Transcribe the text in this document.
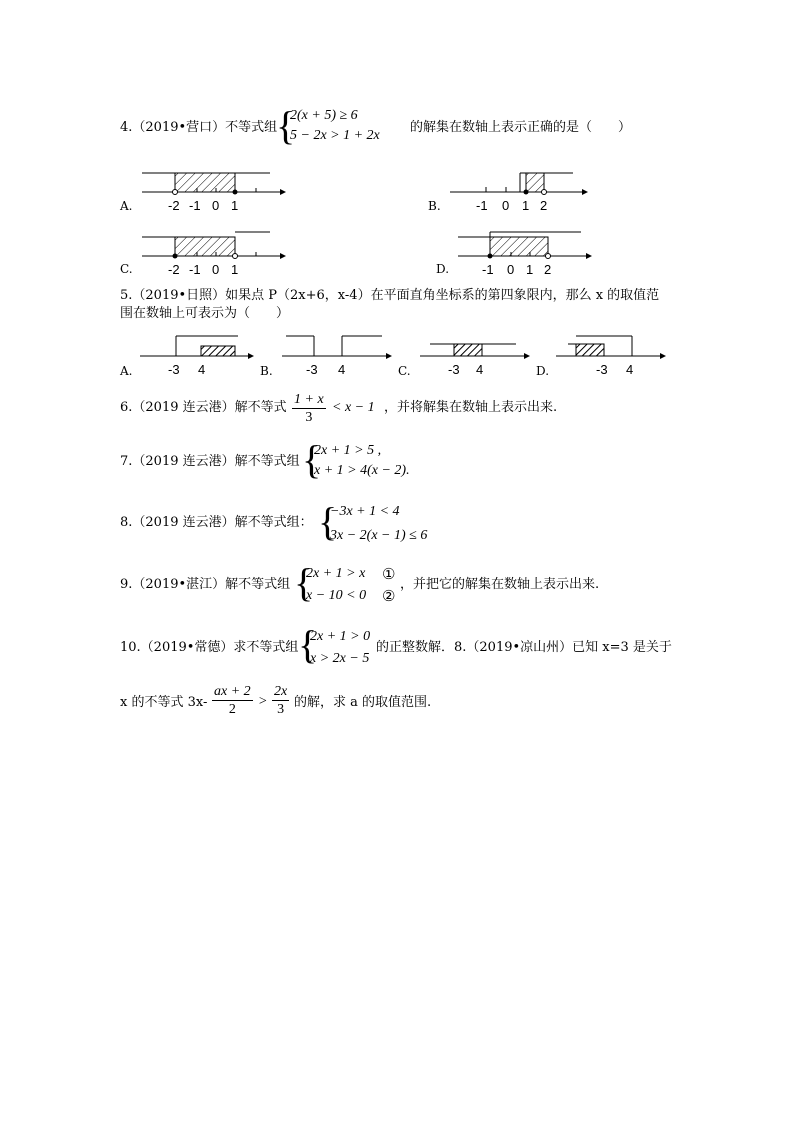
4.（2019•营口）不等式组
{
2(x + 5) ≥ 6
5 − 2x > 1 + 2x
的解集在数轴上表示正确的是（　　）
A.	-2 -1 0 1	B.	-1 0 1 2
C.	-2 -1 0 1	D.	-1 0 1 2
5.（2019•日照）如果点 P（2x+6，x-4）在平面直角坐标系的第四象限内，那么 x 的取值范
围在数轴上可表示为（　　）
A.	-3 4	B.	-3 4	C.	-3 4	D.	-3 4
6.（2019 连云港）解不等式 $\frac{1 + x}{3} < x - 1$ ，并将解集在数轴上表示出来.
7.（2019 连云港）解不等式组 {
2x + 1 > 5 ,
x + 1 > 4(x − 2).
8.（2019 连云港）解不等式组： {
−3x + 1 < 4
3x − 2(x − 1) ≤ 6
9.（2019•湛江）解不等式组 {
2x + 1 > x
x − 10 < 0
①
②
，并把它的解集在数轴上表示出来.
10.（2019•常德）求不等式组 {
2x + 1 > 0
x > 2x − 5
的正整数解．8.（2019•凉山州）已知 x=3 是关于
x 的不等式 $3x- \frac{ax + 2}{2} > \frac{2x}{3}$ 的解，求 a 的取值范围.
